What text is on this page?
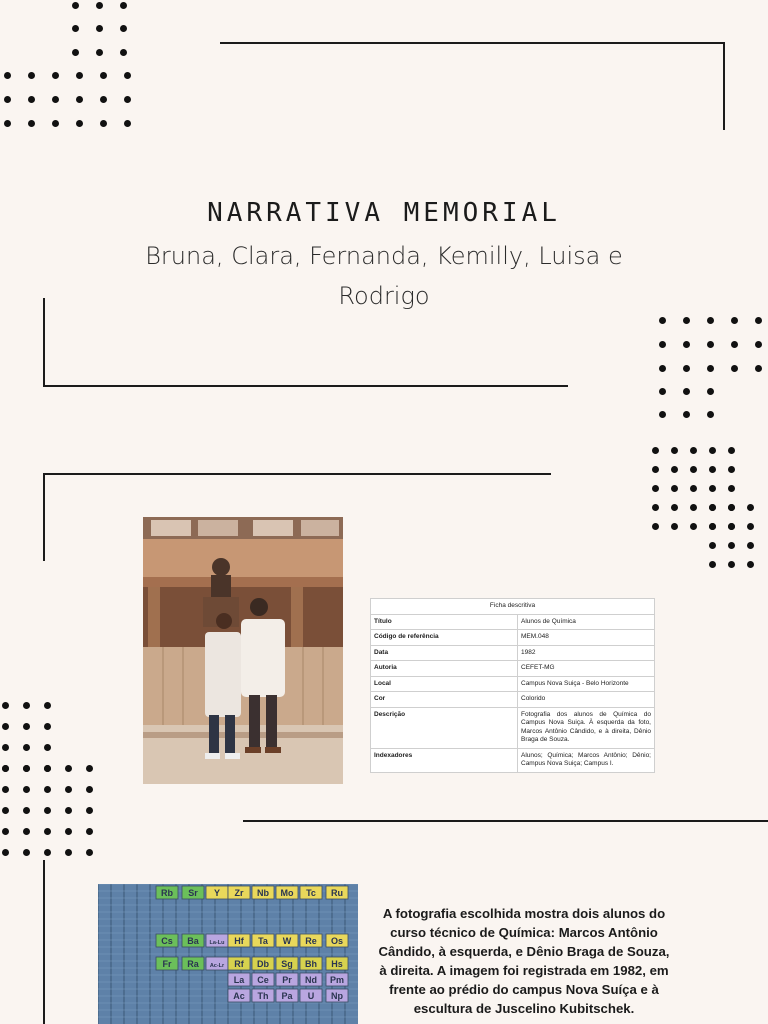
NARRATIVA MEMORIAL
Bruna, Clara, Fernanda, Kemilly, Luisa e Rodrigo
Ficha descritiva	
Título	Alunos de Química
Código de referência	MEM.048
Data	1982
Autoria	CEFET-MG
Local	Campus Nova Suiça - Belo Horizonte
Cor	Colorido
Descrição	Fotografia dos alunos de Química do Campus Nova Suiça. À esquerda da foto, Marcos Antônio Cândido, e à direita, Dênio Braga de Souza.
Indexadores	Alunos; Química; Marcos Antônio; Dênio; Campus Nova Suiça; Campus I.
Rb Sr Y Zr Nb Mo Tc Ru
Cs Ba La-Lu Hf Ta W Re Os
Fr Ra Ac-Lr Rf Db Sg Bh Hs
La Ce Pr Nd Pm
Ac Th Pa U Np
A fotografia escolhida mostra dois alunos do curso técnico de Química: Marcos Antônio Cândido, à esquerda, e Dênio Braga de Souza, à direita. A imagem foi registrada em 1982, em frente ao prédio do campus Nova Suíça e à escultura de Juscelino Kubitschek.
